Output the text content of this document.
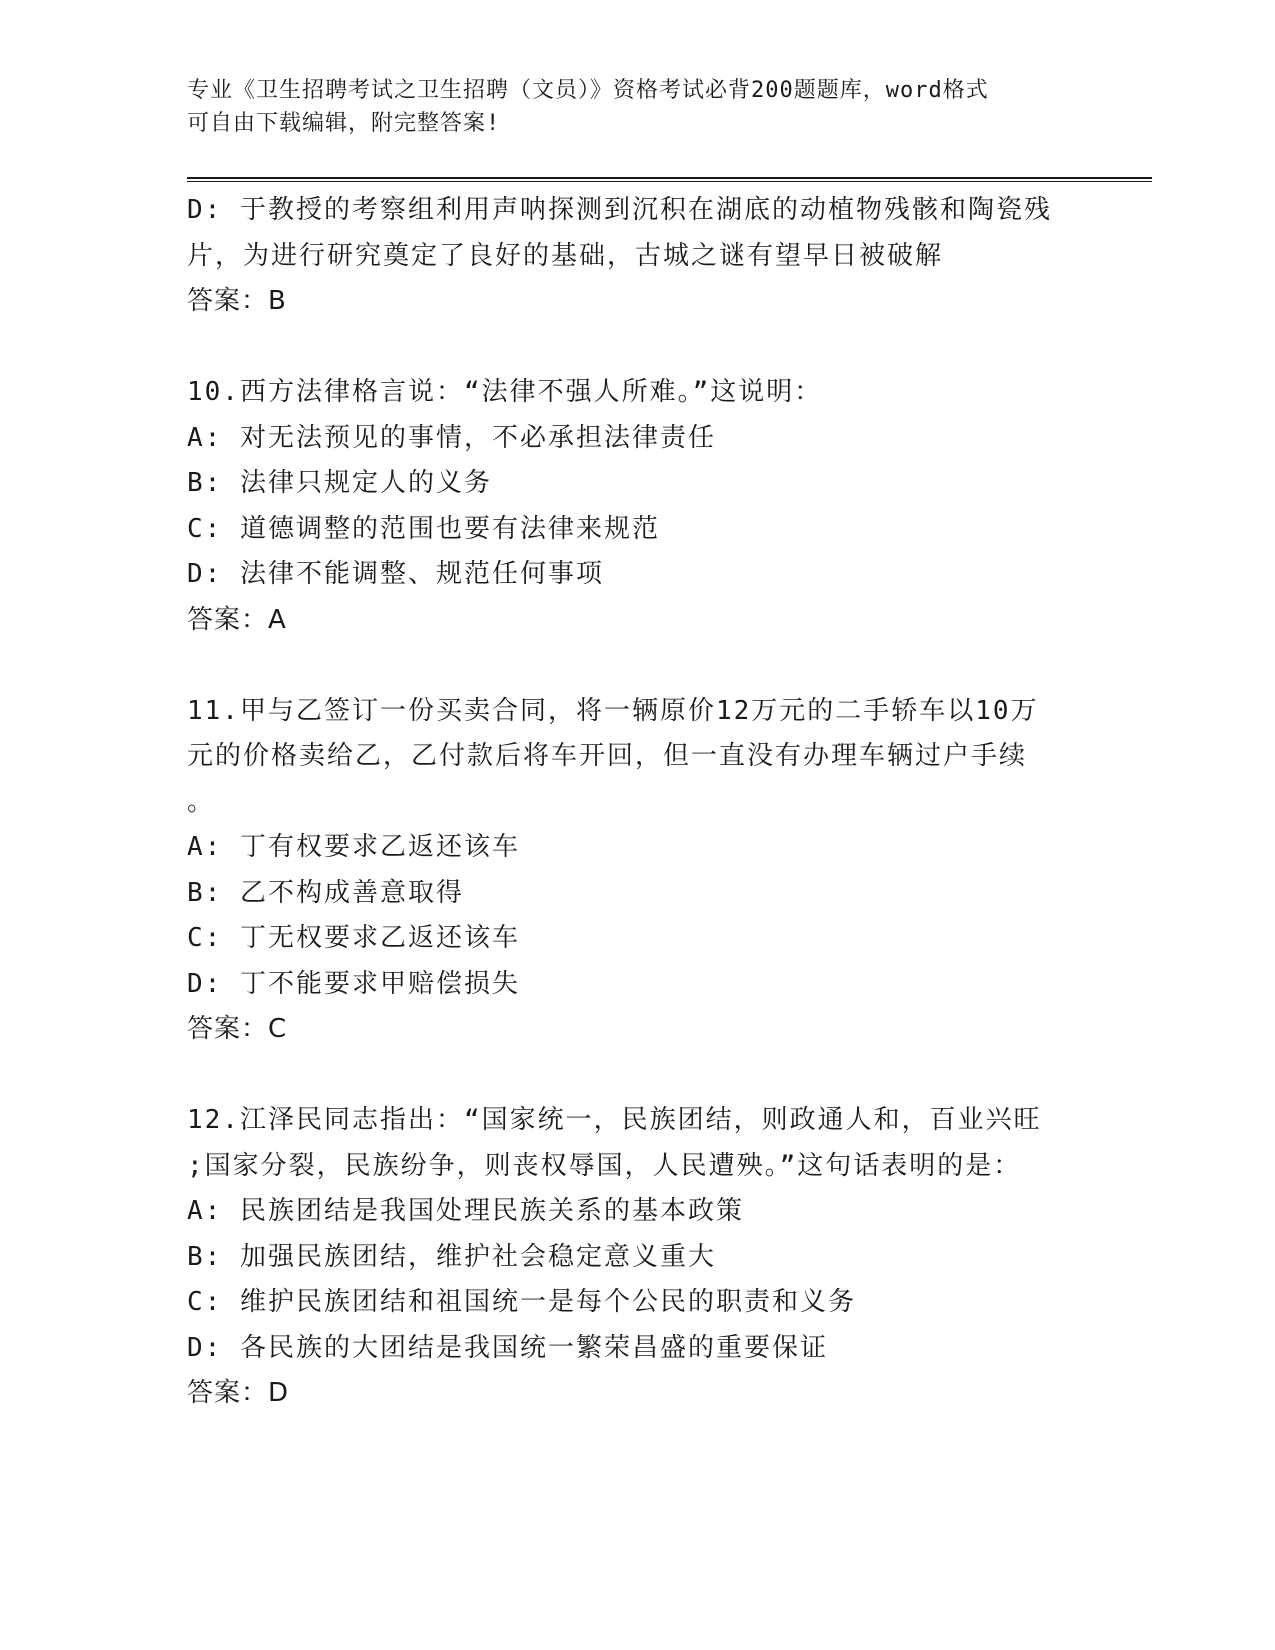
专业《卫生招聘考试之卫生招聘（文员）》资格考试必背200题题库，word格式
可自由下载编辑，附完整答案!
D: 于教授的考察组利用声呐探测到沉积在湖底的动植物残骸和陶瓷残
片，为进行研究奠定了良好的基础，古城之谜有望早日被破解
答案：B
10.西方法律格言说：“法律不强人所难。”这说明：
A: 对无法预见的事情，不必承担法律责任
B: 法律只规定人的义务
C: 道德调整的范围也要有法律来规范
D: 法律不能调整、规范任何事项
答案：A
11.甲与乙签订一份买卖合同，将一辆原价12万元的二手轿车以10万
元的价格卖给乙，乙付款后将车开回，但一直没有办理车辆过户手续
。
A: 丁有权要求乙返还该车
B: 乙不构成善意取得
C: 丁无权要求乙返还该车
D: 丁不能要求甲赔偿损失
答案：C
12.江泽民同志指出：“国家统一，民族团结，则政通人和，百业兴旺
;国家分裂，民族纷争，则丧权辱国，人民遭殃。”这句话表明的是：
A: 民族团结是我国处理民族关系的基本政策
B: 加强民族团结，维护社会稳定意义重大
C: 维护民族团结和祖国统一是每个公民的职责和义务
D: 各民族的大团结是我国统一繁荣昌盛的重要保证
答案：D
